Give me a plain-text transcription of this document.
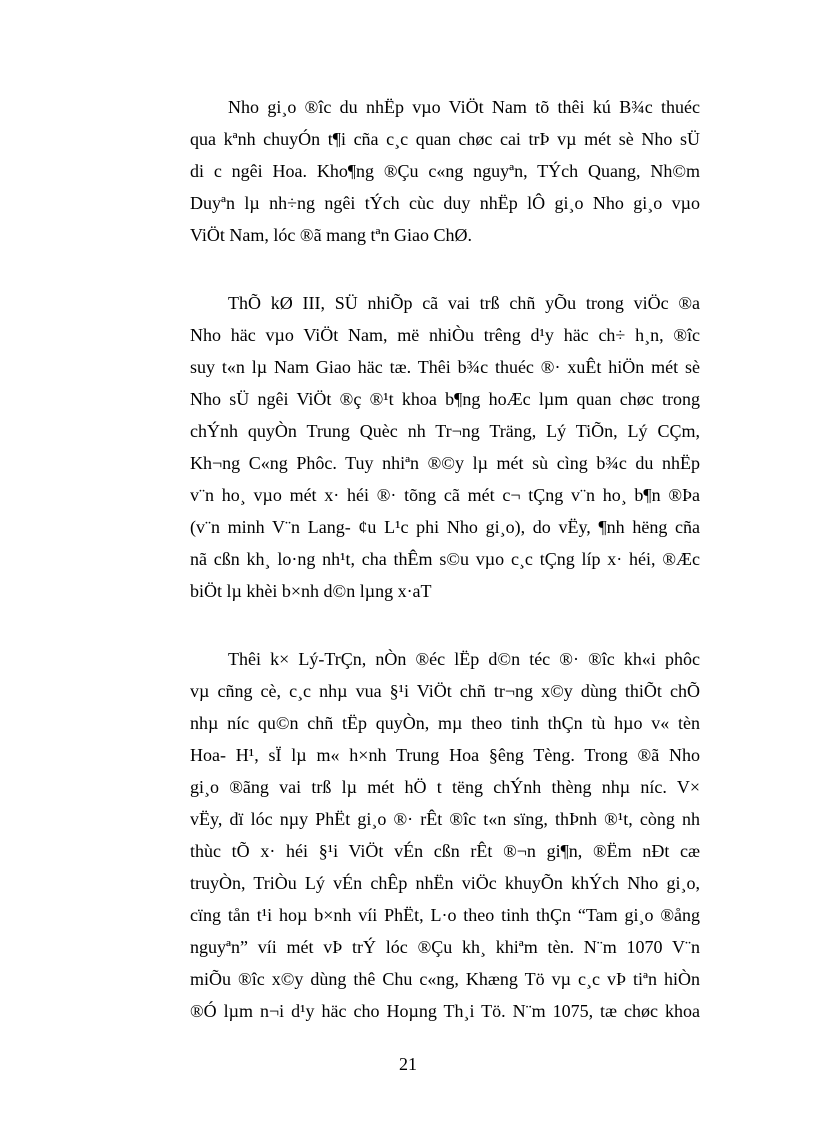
Nho gi¸o ®îc du nhËp vµo ViÖt Nam tõ thêi kú B¾c thuéc
qua kªnh chuyÓn t¶i cña c¸c quan chøc cai trÞ vµ mét sè Nho sÜ
di c ngêi Hoa. Kho¶ng ®Çu c«ng nguyªn, TÝch Quang, Nh©m
Duyªn lµ nh÷ng ngêi tÝch cùc duy nhËp lÔ gi¸o Nho gi¸o vµo
ViÖt Nam, lóc ®ã mang tªn Giao ChØ.
ThÕ kØ III, SÜ nhiÕp cã vai trß chñ yÕu trong viÖc ®a
Nho häc vµo ViÖt Nam, më nhiÒu trêng d¹y häc ch÷ h¸n, ®îc
suy t«n lµ Nam Giao häc tæ. Thêi b¾c thuéc ®· xuÊt hiÖn mét sè
Nho sÜ ngêi ViÖt ®ç ®¹t khoa b¶ng hoÆc lµm quan chøc trong
chÝnh quyÒn Trung Quèc nh Tr¬ng Träng, Lý TiÕn, Lý CÇm,
Kh¬ng C«ng Phôc. Tuy nhiªn ®©y lµ mét sù cìng b¾c du nhËp
v¨n ho¸ vµo mét x· héi ®· tõng cã mét c¬ tÇng v¨n ho¸ b¶n ®Þa
(v¨n minh V¨n Lang- ¢u L¹c phi Nho gi¸o), do vËy, ¶nh hëng cña
nã cßn kh¸ lo·ng nh¹t, cha thÊm s©u vµo c¸c tÇng líp x· héi, ®Æc
biÖt lµ khèi b×nh d©n lµng x·aT
Thêi k× Lý-TrÇn, nÒn ®éc lËp d©n téc ®· ®îc kh«i phôc
vµ cñng cè, c¸c nhµ vua §¹i ViÖt chñ tr¬ng x©y dùng thiÕt chÕ
nhµ níc qu©n chñ tËp quyÒn, mµ theo tinh thÇn tù hµo v« tèn
Hoa- H¹, sÏ lµ m« h×nh Trung Hoa §êng Tèng. Trong ®ã Nho
gi¸o ®ãng vai trß lµ mét hÖ t tëng chÝnh thèng nhµ níc. V×
vËy, dï lóc nµy PhËt gi¸o ®· rÊt ®îc t«n sïng, thÞnh ®¹t, còng nh
thùc tÕ x· héi §¹i ViÖt vÉn cßn rÊt ®¬n gi¶n, ®Ëm nÐt cæ
truyÒn, TriÒu Lý vÉn chÊp nhËn viÖc khuyÕn khÝch Nho gi¸o,
cïng tån t¹i hoµ b×nh víi PhËt, L·o theo tinh thÇn “Tam gi¸o ®ång
nguyªn” víi mét vÞ trÝ lóc ®Çu kh¸ khiªm tèn. N¨m 1070 V¨n
miÕu ®îc x©y dùng thê Chu c«ng, Khæng Tö vµ c¸c vÞ tiªn hiÒn
®Ó lµm n¬i d¹y häc cho Hoµng Th¸i Tö. N¨m 1075, tæ chøc khoa
21
